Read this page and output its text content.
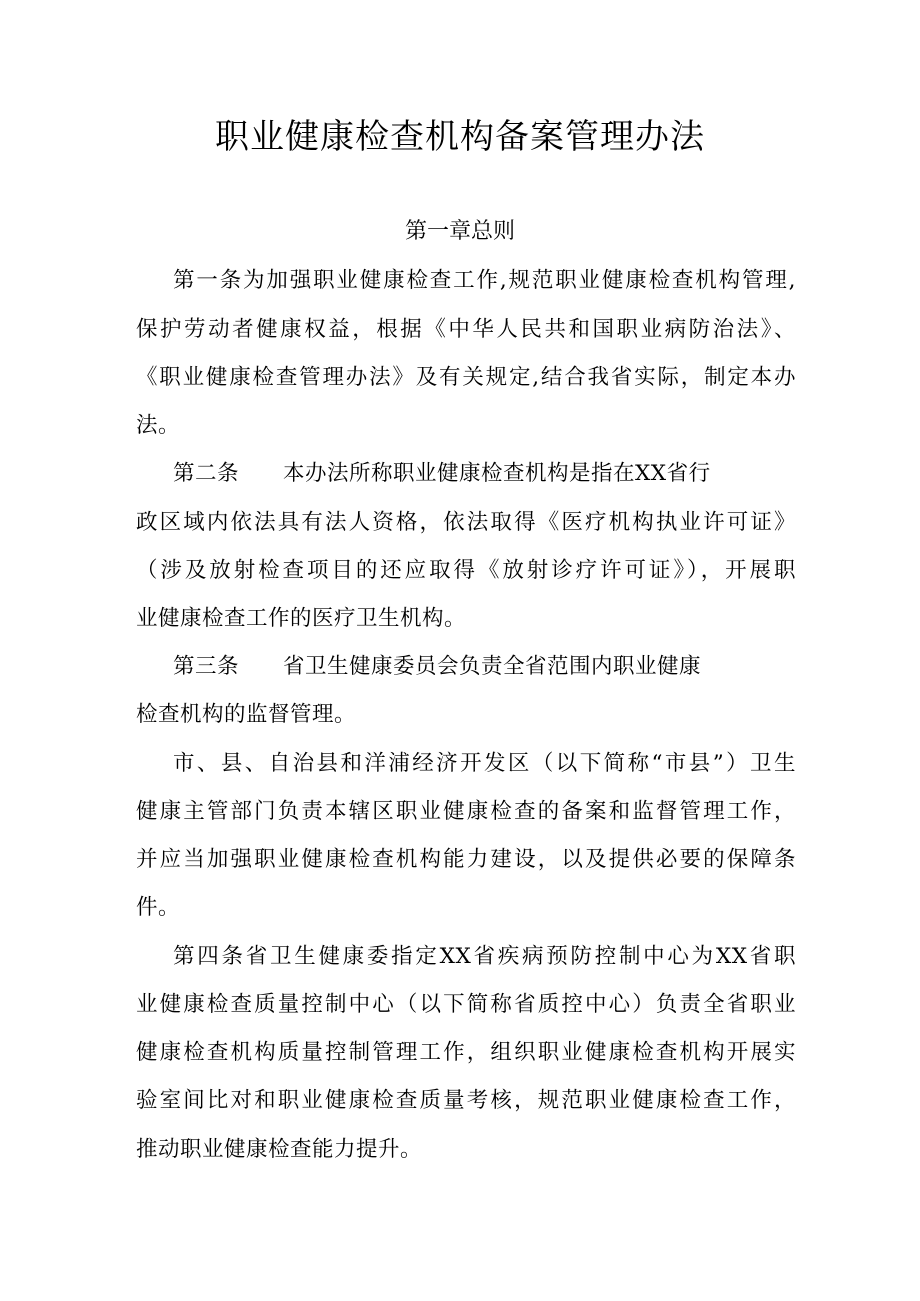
职业健康检查机构备案管理办法
第一章总则
第一条为加强职业健康检查工作,规范职业健康检查机构管理,
保护劳动者健康权益，根据《中华人民共和国职业病防治法》、
《职业健康检查管理办法》及有关规定,结合我省实际，制定本办
法。
第二条　　本办法所称职业健康检查机构是指在XX省行
政区域内依法具有法人资格，依法取得《医疗机构执业许可证》
（涉及放射检查项目的还应取得《放射诊疗许可证》），开展职
业健康检查工作的医疗卫生机构。
第三条　　省卫生健康委员会负责全省范围内职业健康
检查机构的监督管理。
市、县、自治县和洋浦经济开发区（以下简称“市县”）卫生
健康主管部门负责本辖区职业健康检查的备案和监督管理工作，
并应当加强职业健康检查机构能力建设，以及提供必要的保障条
件。
第四条省卫生健康委指定XX省疾病预防控制中心为XX省职
业健康检查质量控制中心（以下简称省质控中心）负责全省职业
健康检查机构质量控制管理工作，组织职业健康检查机构开展实
验室间比对和职业健康检查质量考核，规范职业健康检查工作，
推动职业健康检查能力提升。
